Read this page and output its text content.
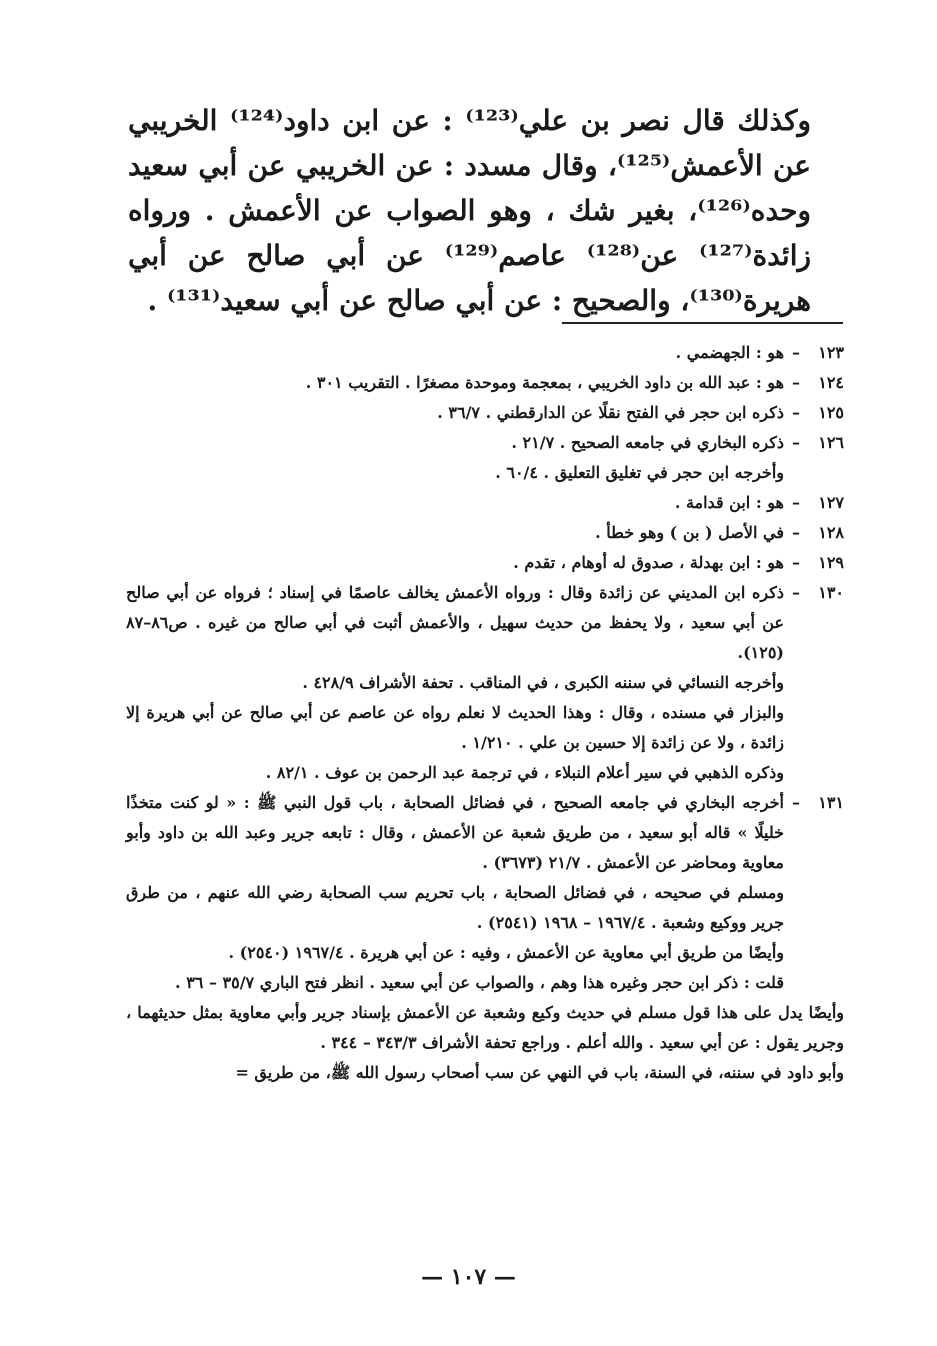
وكذلك قال نصر بن علي⁽¹²³⁾ : عن ابن داود⁽¹²⁴⁾ الخريبي عن الأعمش⁽¹²⁵⁾، وقال مسدد : عن الخريبي عن أبي سعيد وحده⁽¹²⁶⁾، بغير شك ، وهو الصواب عن الأعمش . ورواه زائدة⁽¹²⁷⁾ عن⁽¹²⁸⁾ عاصم⁽¹²⁹⁾ عن أبي صالح عن أبي هريرة⁽¹³⁰⁾، والصحيح : عن أبي صالح عن أبي سعيد⁽¹³¹⁾ .

١٢٣
–

هو : الجهضمي .

١٢٤
–

هو : عبد الله بن داود الخريبي ، بمعجمة وموحدة مصغرًا . التقريب ٣٠١ .

١٢٥
–

ذكره ابن حجر في الفتح نقلًا عن الدارقطني . ٣٦/٧ .

١٢٦
–

ذكره البخاري في جامعه الصحيح . ٢١/٧ .

وأخرجه ابن حجر في تغليق التعليق . ٦٠/٤ .

١٢٧
–

هو : ابن قدامة .

١٢٨
–

في الأصل ( بن ) وهو خطأ .

١٢٩
–

هو : ابن بهدلة ، صدوق له أوهام ، تقدم .

١٣٠
–

ذكره ابن المديني عن زائدة وقال : ورواه الأعمش يخالف عاصمًا في إسناد ؛ فرواه عن أبي صالح عن أبي سعيد ، ولا يحفظ من حديث سهيل ، والأعمش أثبت في أبي صالح من غيره . ص٨٦–٨٧ (١٢٥).

وأخرجه النسائي في سننه الكبرى ، في المناقب . تحفة الأشراف ٤٢٨/٩ .

والبزار في مسنده ، وقال : وهذا الحديث لا نعلم رواه عن عاصم عن أبي صالح عن أبي هريرة إلا زائدة ، ولا عن زائدة إلا حسين بن علي . ١/٢١٠ .

وذكره الذهبي في سير أعلام النبلاء ، في ترجمة عبد الرحمن بن عوف . ٨٢/١ .

١٣١
–

أخرجه البخاري في جامعه الصحيح ، في فضائل الصحابة ، باب قول النبي ﷺ : « لو كنت متخذًا خليلًا » قاله أبو سعيد ، من طريق شعبة عن الأعمش ، وقال : تابعه جرير وعبد الله بن داود وأبو معاوية ومحاضر عن الأعمش . ٢١/٧ (٣٦٧٣) .

ومسلم في صحيحه ، في فضائل الصحابة ، باب تحريم سب الصحابة رضي الله عنهم ، من طرق جرير ووكيع وشعبة . ١٩٦٧/٤ – ١٩٦٨ (٢٥٤١) .

وأيضًا من طريق أبي معاوية عن الأعمش ، وفيه : عن أبي هريرة . ١٩٦٧/٤ (٢٥٤٠) .

قلت : ذكر ابن حجر وغيره هذا وهم ، والصواب عن أبي سعيد . انظر فتح الباري ٣٥/٧ – ٣٦ .

وأيضًا يدل على هذا قول مسلم في حديث وكيع وشعبة عن الأعمش بإسناد جرير وأبي معاوية بمثل حديثهما ، وجرير يقول : عن أبي سعيد . والله أعلم . وراجع تحفة الأشراف ٣٤٣/٣ – ٣٤٤ .

وأبو داود في سننه، في السنة، باب في النهي عن سب أصحاب رسول الله ﷺ، من طريق =

— ١٠٧ —
